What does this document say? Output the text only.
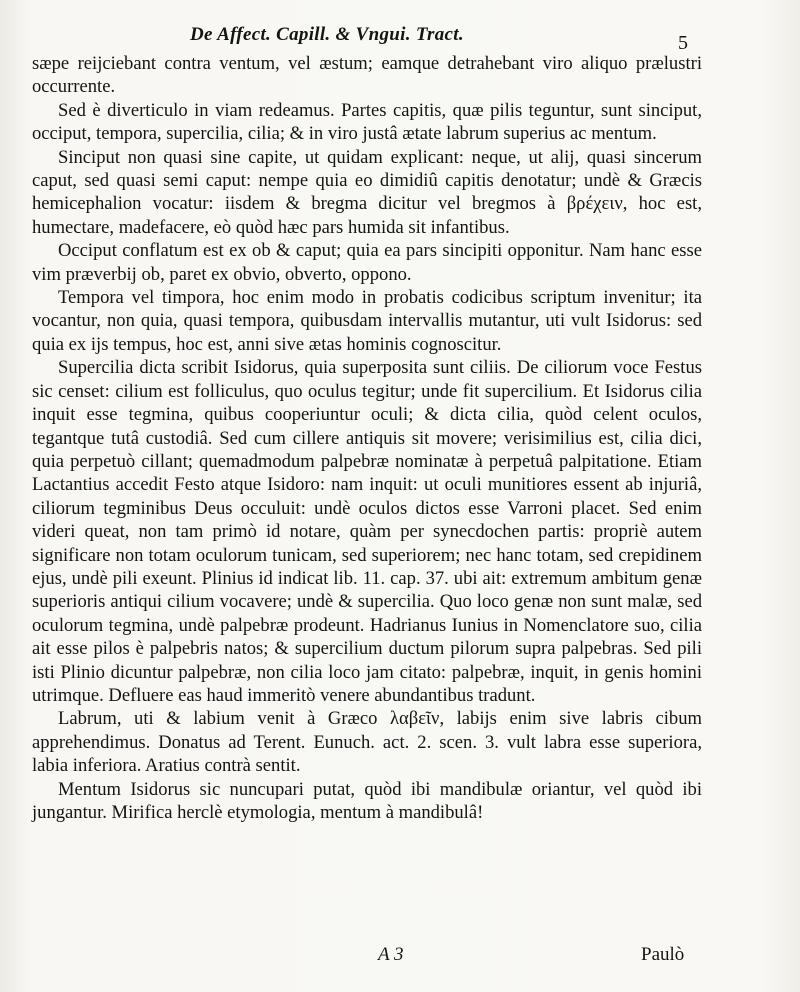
De Affect. Capill. & Vngui. Tract.	5

sæpe reijciebant contra ventum, vel æstum; eamque detrahebant viro aliquo prælustri occurrente.

Sed è diverticulo in viam redeamus. Partes capitis, quæ pilis teguntur, sunt sinciput, occiput, tempora, supercilia, cilia; & in viro justâ ætate labrum superius ac mentum.

Sinciput non quasi sine capite, ut quidam explicant: neque, ut alij, quasi sincerum caput, sed quasi semi caput: nempe quia eo dimidiû capitis denotatur; undè & Græcis hemicephalion vocatur: iisdem & bregma dicitur vel bregmos à βρέχειν, hoc est, humectare, madefacere, eò quòd hæc pars humida sit infantibus.

Occiput conflatum est ex ob & caput; quia ea pars sincipiti opponitur. Nam hanc esse vim præverbij ob, paret ex obvio, obverto, oppono.

Tempora vel timpora, hoc enim modo in probatis codicibus scriptum invenitur; ita vocantur, non quia, quasi tempora, quibusdam intervallis mutantur, uti vult Isidorus: sed quia ex ijs tempus, hoc est, anni sive ætas hominis cognoscitur.

Supercilia dicta scribit Isidorus, quia superposita sunt ciliis. De ciliorum voce Festus sic censet: cilium est folliculus, quo oculus tegitur; unde fit supercilium. Et Isidorus cilia inquit esse tegmina, quibus cooperiuntur oculi; & dicta cilia, quòd celent oculos, tegantque tutâ custodiâ. Sed cum cillere antiquis sit movere; verisimilius est, cilia dici, quia perpetuò cillant; quemadmodum palpebræ nominatæ à perpetuâ palpitatione. Etiam Lactantius accedit Festo atque Isidoro: nam inquit: ut oculi munitiores essent ab injuriâ, ciliorum tegminibus Deus occuluit: undè oculos dictos esse Varroni placet. Sed enim videri queat, non tam primò id notare, quàm per synecdochen partis: propriè autem significare non totam oculorum tunicam, sed superiorem; nec hanc totam, sed crepidinem ejus, undè pili exeunt. Plinius id indicat lib. 11. cap. 37. ubi ait: extremum ambitum genæ superioris antiqui cilium vocavere; undè & supercilia. Quo loco genæ non sunt malæ, sed oculorum tegmina, undè palpebræ prodeunt. Hadrianus Iunius in Nomenclatore suo, cilia ait esse pilos è palpebris natos; & supercilium ductum pilorum supra palpebras. Sed pili isti Plinio dicuntur palpebræ, non cilia loco jam citato: palpebræ, inquit, in genis homini utrimque. Defluere eas haud immeritò venere abundantibus tradunt.

Labrum, uti & labium venit à Græco λαβεῖν, labijs enim sive labris cibum apprehendimus. Donatus ad Terent. Eunuch. act. 2. scen. 3. vult labra esse superiora, labia inferiora. Aratius contrà sentit.

Mentum Isidorus sic nuncupari putat, quòd ibi mandibulæ oriantur, vel quòd ibi jungantur. Mirifica herclè etymologia, mentum à mandibulâ!

A 3	Paulò
